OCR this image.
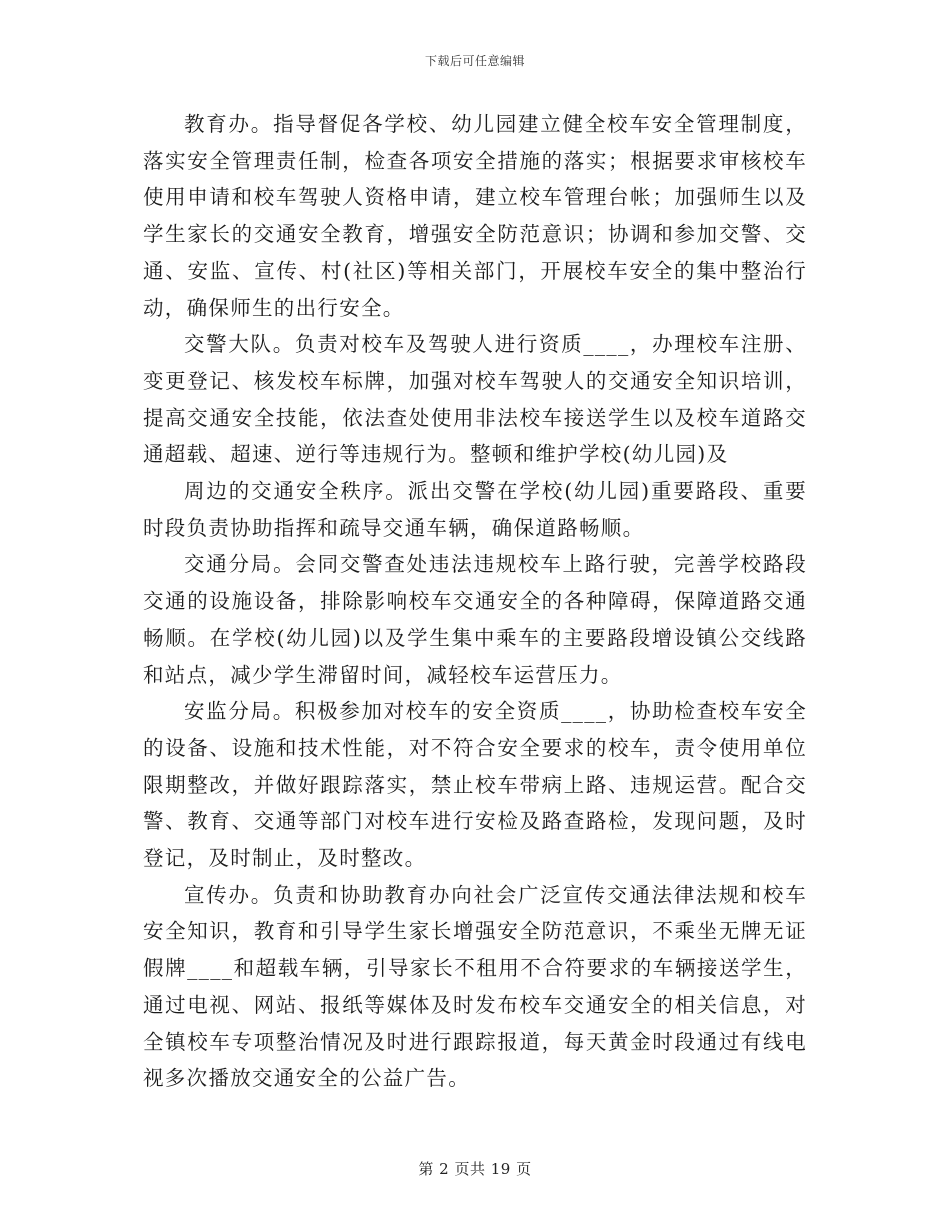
下载后可任意编辑

教育办。指导督促各学校、幼儿园建立健全校车安全管理制度，落实安全管理责任制，检查各项安全措施的落实；根据要求审核校车使用申请和校车驾驶人资格申请，建立校车管理台帐；加强师生以及学生家长的交通安全教育，增强安全防范意识；协调和参加交警、交通、安监、宣传、村(社区)等相关部门，开展校车安全的集中整治行动，确保师生的出行安全。

交警大队。负责对校车及驾驶人进行资质____，办理校车注册、变更登记、核发校车标牌，加强对校车驾驶人的交通安全知识培训，提高交通安全技能，依法查处使用非法校车接送学生以及校车道路交通超载、超速、逆行等违规行为。整顿和维护学校(幼儿园)及

周边的交通安全秩序。派出交警在学校(幼儿园)重要路段、重要时段负责协助指挥和疏导交通车辆，确保道路畅顺。

交通分局。会同交警查处违法违规校车上路行驶，完善学校路段交通的设施设备，排除影响校车交通安全的各种障碍，保障道路交通畅顺。在学校(幼儿园)以及学生集中乘车的主要路段增设镇公交线路和站点，减少学生滞留时间，减轻校车运营压力。

安监分局。积极参加对校车的安全资质____，协助检查校车安全的设备、设施和技术性能，对不符合安全要求的校车，责令使用单位限期整改，并做好跟踪落实，禁止校车带病上路、违规运营。配合交警、教育、交通等部门对校车进行安检及路查路检，发现问题，及时登记，及时制止，及时整改。

宣传办。负责和协助教育办向社会广泛宣传交通法律法规和校车安全知识，教育和引导学生家长增强安全防范意识，不乘坐无牌无证假牌____和超载车辆，引导家长不租用不合符要求的车辆接送学生，通过电视、网站、报纸等媒体及时发布校车交通安全的相关信息，对全镇校车专项整治情况及时进行跟踪报道，每天黄金时段通过有线电视多次播放交通安全的公益广告。

第 2 页共 19 页
